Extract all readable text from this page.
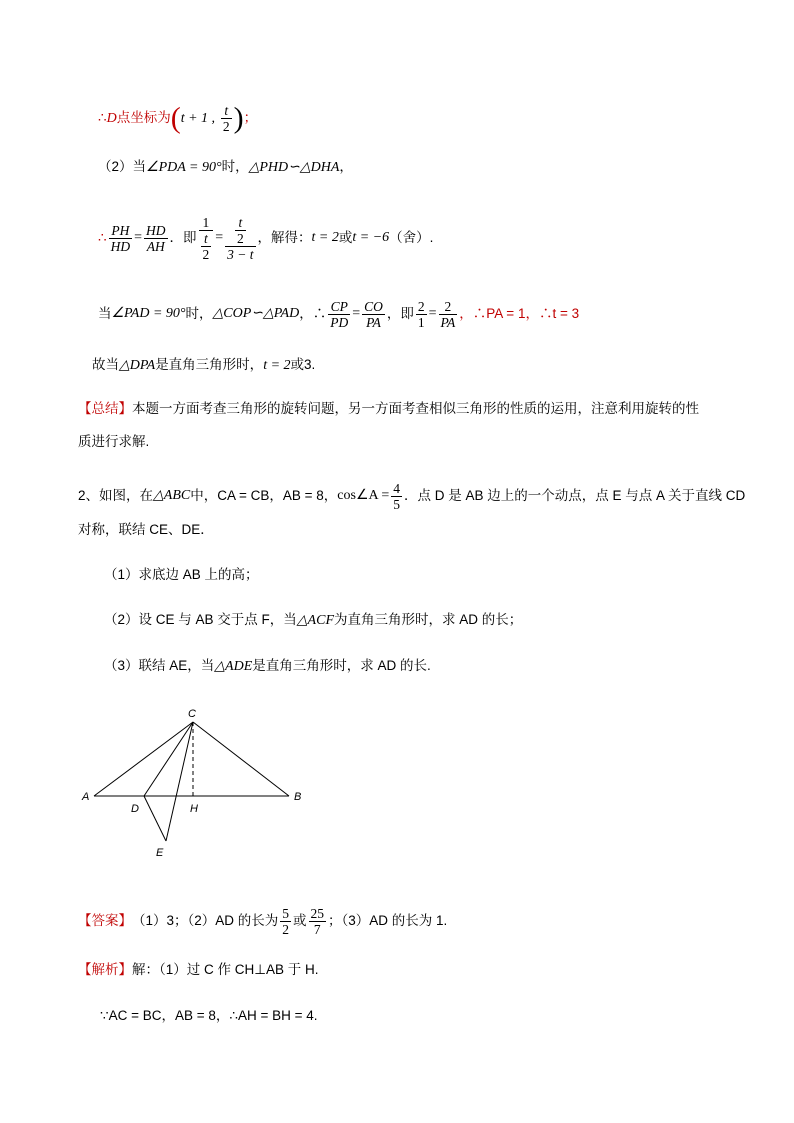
∴D点坐标为(t + 1 , $\frac{t}{2}$ )；
（2）当∠PDA = 90°时，△PHD∽△DHA，
∴ $\frac{PH}{HD} = \frac{HD}{AH}$ ．即 $\frac{1}{\frac{t}{2}} = \frac{\frac{t}{2}}{3 - t}$ ，解得： t = 2 或 t = −6 （舍）.
当 ∠PAD = 90° 时， △COP∽△PAD ，∴ $\frac{CP}{PD} = \frac{CO}{PA}$ ，即 $\frac{2}{1} = \frac{2}{PA}$ ，∴PA = 1，∴t = 3
故当△DPA是直角三角形时，t = 2或3.
【总结】本题一方面考查三角形的旋转问题，另一方面考查相似三角形的性质的运用，注意利用旋转的性
质进行求解.
2、如图，在 △ABC 中，CA = CB，AB = 8， cos∠A = $\frac{4}{5}$ ．点 D 是 AB 边上的一个动点，点 E 与点 A 关于直线 CD
对称，联结 CE、DE．
（1）求底边 AB 上的高；
（2）设 CE 与 AB 交于点 F，当△ACF为直角三角形时，求 AD 的长；
（3）联结 AE，当△ADE是直角三角形时，求 AD 的长.
C
A	B
D	H
E
【答案】 （1）3；（2）AD 的长为 $\frac{5}{2}$ 或 $\frac{25}{7}$ ；（3）AD 的长为 1.
【解析】解：（1）过 C 作 CH⊥AB 于 H.
∵AC = BC，AB = 8，∴AH = BH = 4.
